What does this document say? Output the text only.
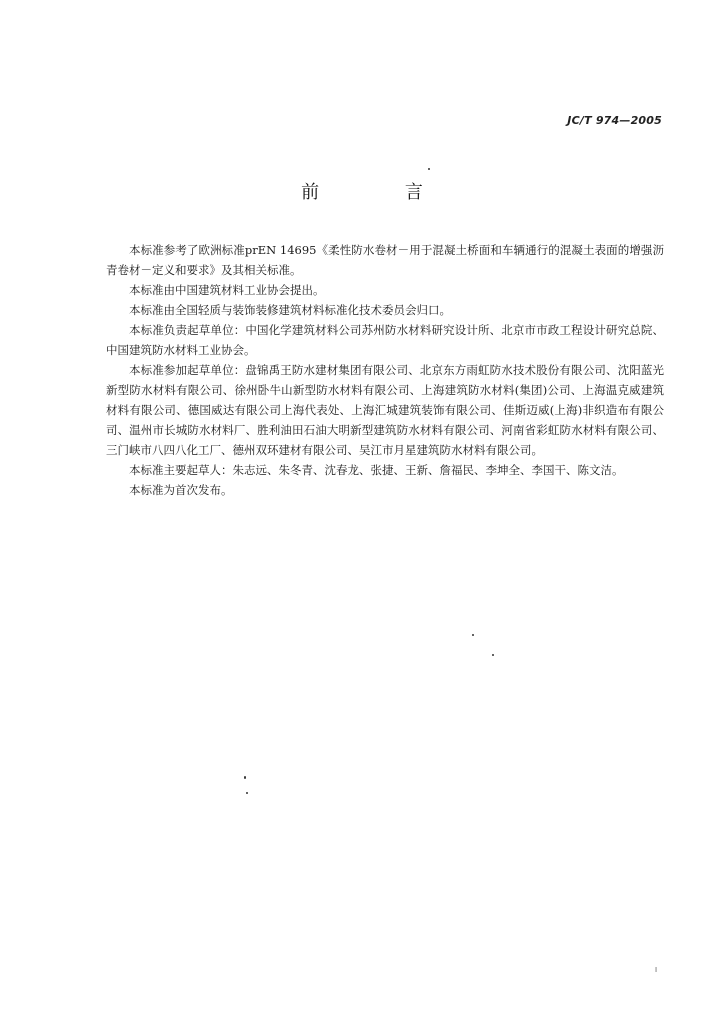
JC/T 974—2005
前 言

本标准参考了欧洲标准prEN 14695《柔性防水卷材－用于混凝土桥面和车辆通行的混凝土表面的增强沥青卷材－定义和要求》及其相关标准。

本标准由中国建筑材料工业协会提出。

本标准由全国轻质与装饰装修建筑材料标准化技术委员会归口。

本标准负责起草单位：中国化学建筑材料公司苏州防水材料研究设计所、北京市市政工程设计研究总院、中国建筑防水材料工业协会。

本标准参加起草单位：盘锦禹王防水建材集团有限公司、北京东方雨虹防水技术股份有限公司、沈阳蓝光新型防水材料有限公司、徐州卧牛山新型防水材料有限公司、上海建筑防水材料(集团)公司、上海温克威建筑材料有限公司、德国威达有限公司上海代表处、上海汇城建筑装饰有限公司、佳斯迈威(上海)非织造布有限公司、温州市长城防水材料厂、胜利油田石油大明新型建筑防水材料有限公司、河南省彩虹防水材料有限公司、三门峡市八四八化工厂、德州双环建材有限公司、吴江市月星建筑防水材料有限公司。

本标准主要起草人：朱志远、朱冬青、沈春龙、张捷、王新、詹福民、李坤全、李国干、陈文洁。

本标准为首次发布。

I
